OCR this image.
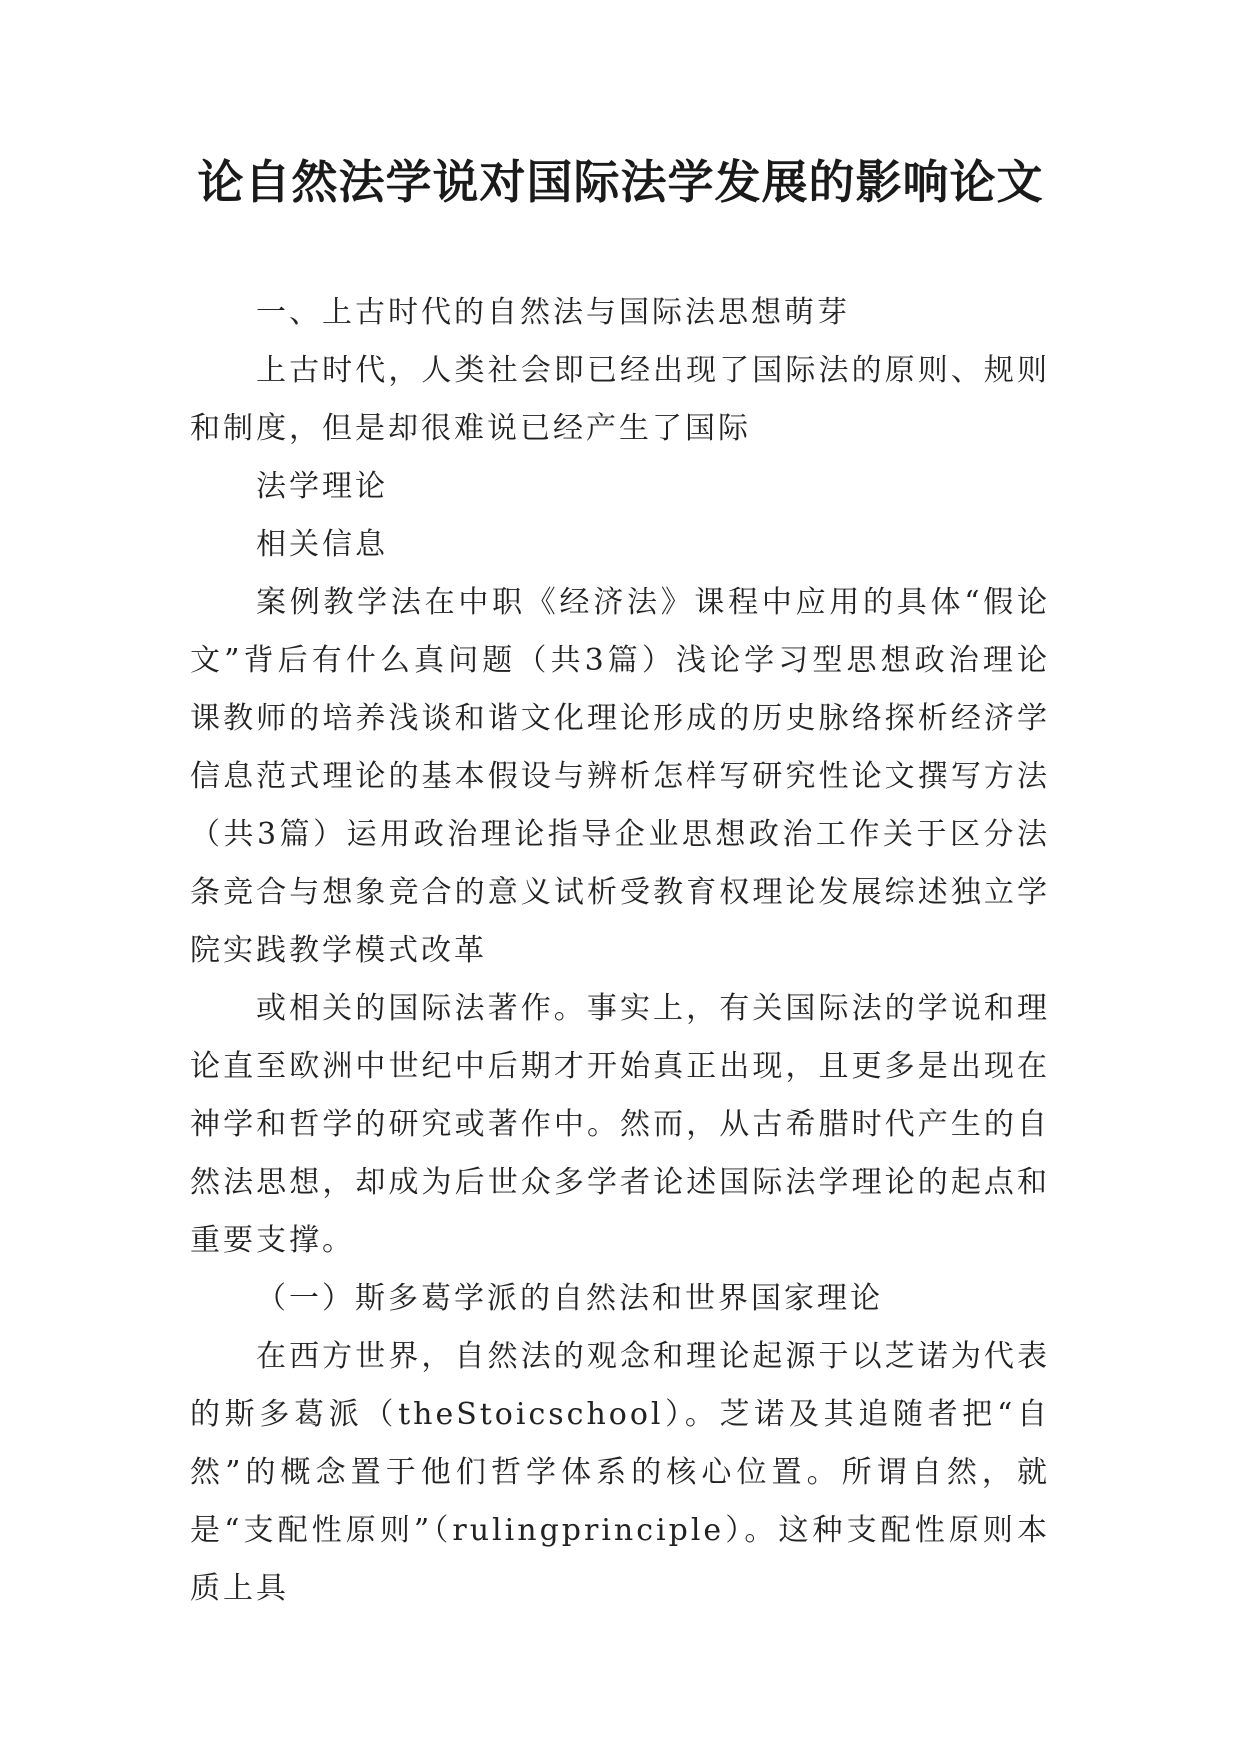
论自然法学说对国际法学发展的影响论文

一、上古时代的自然法与国际法思想萌芽

上古时代，人类社会即已经出现了国际法的原则、规则和制度，但是却很难说已经产生了国际

法学理论

相关信息

案例教学法在中职《经济法》课程中应用的具体“假论文”背后有什么真问题（共3篇）浅论学习型思想政治理论课教师的培养浅谈和谐文化理论形成的历史脉络探析经济学信息范式理论的基本假设与辨析怎样写研究性论文撰写方法（共3篇）运用政治理论指导企业思想政治工作关于区分法条竞合与想象竞合的意义试析受教育权理论发展综述独立学院实践教学模式改革

或相关的国际法著作。事实上，有关国际法的学说和理论直至欧洲中世纪中后期才开始真正出现，且更多是出现在神学和哲学的研究或著作中。然而，从古希腊时代产生的自然法思想，却成为后世众多学者论述国际法学理论的起点和重要支撑。

（一）斯多葛学派的自然法和世界国家理论

在西方世界，自然法的观念和理论起源于以芝诺为代表的斯多葛派（theStoicschool）。芝诺及其追随者把“自然”的概念置于他们哲学体系的核心位置。所谓自然，就是“支配性原则”（rulingprinciple）。这种支配性原则本质上具
